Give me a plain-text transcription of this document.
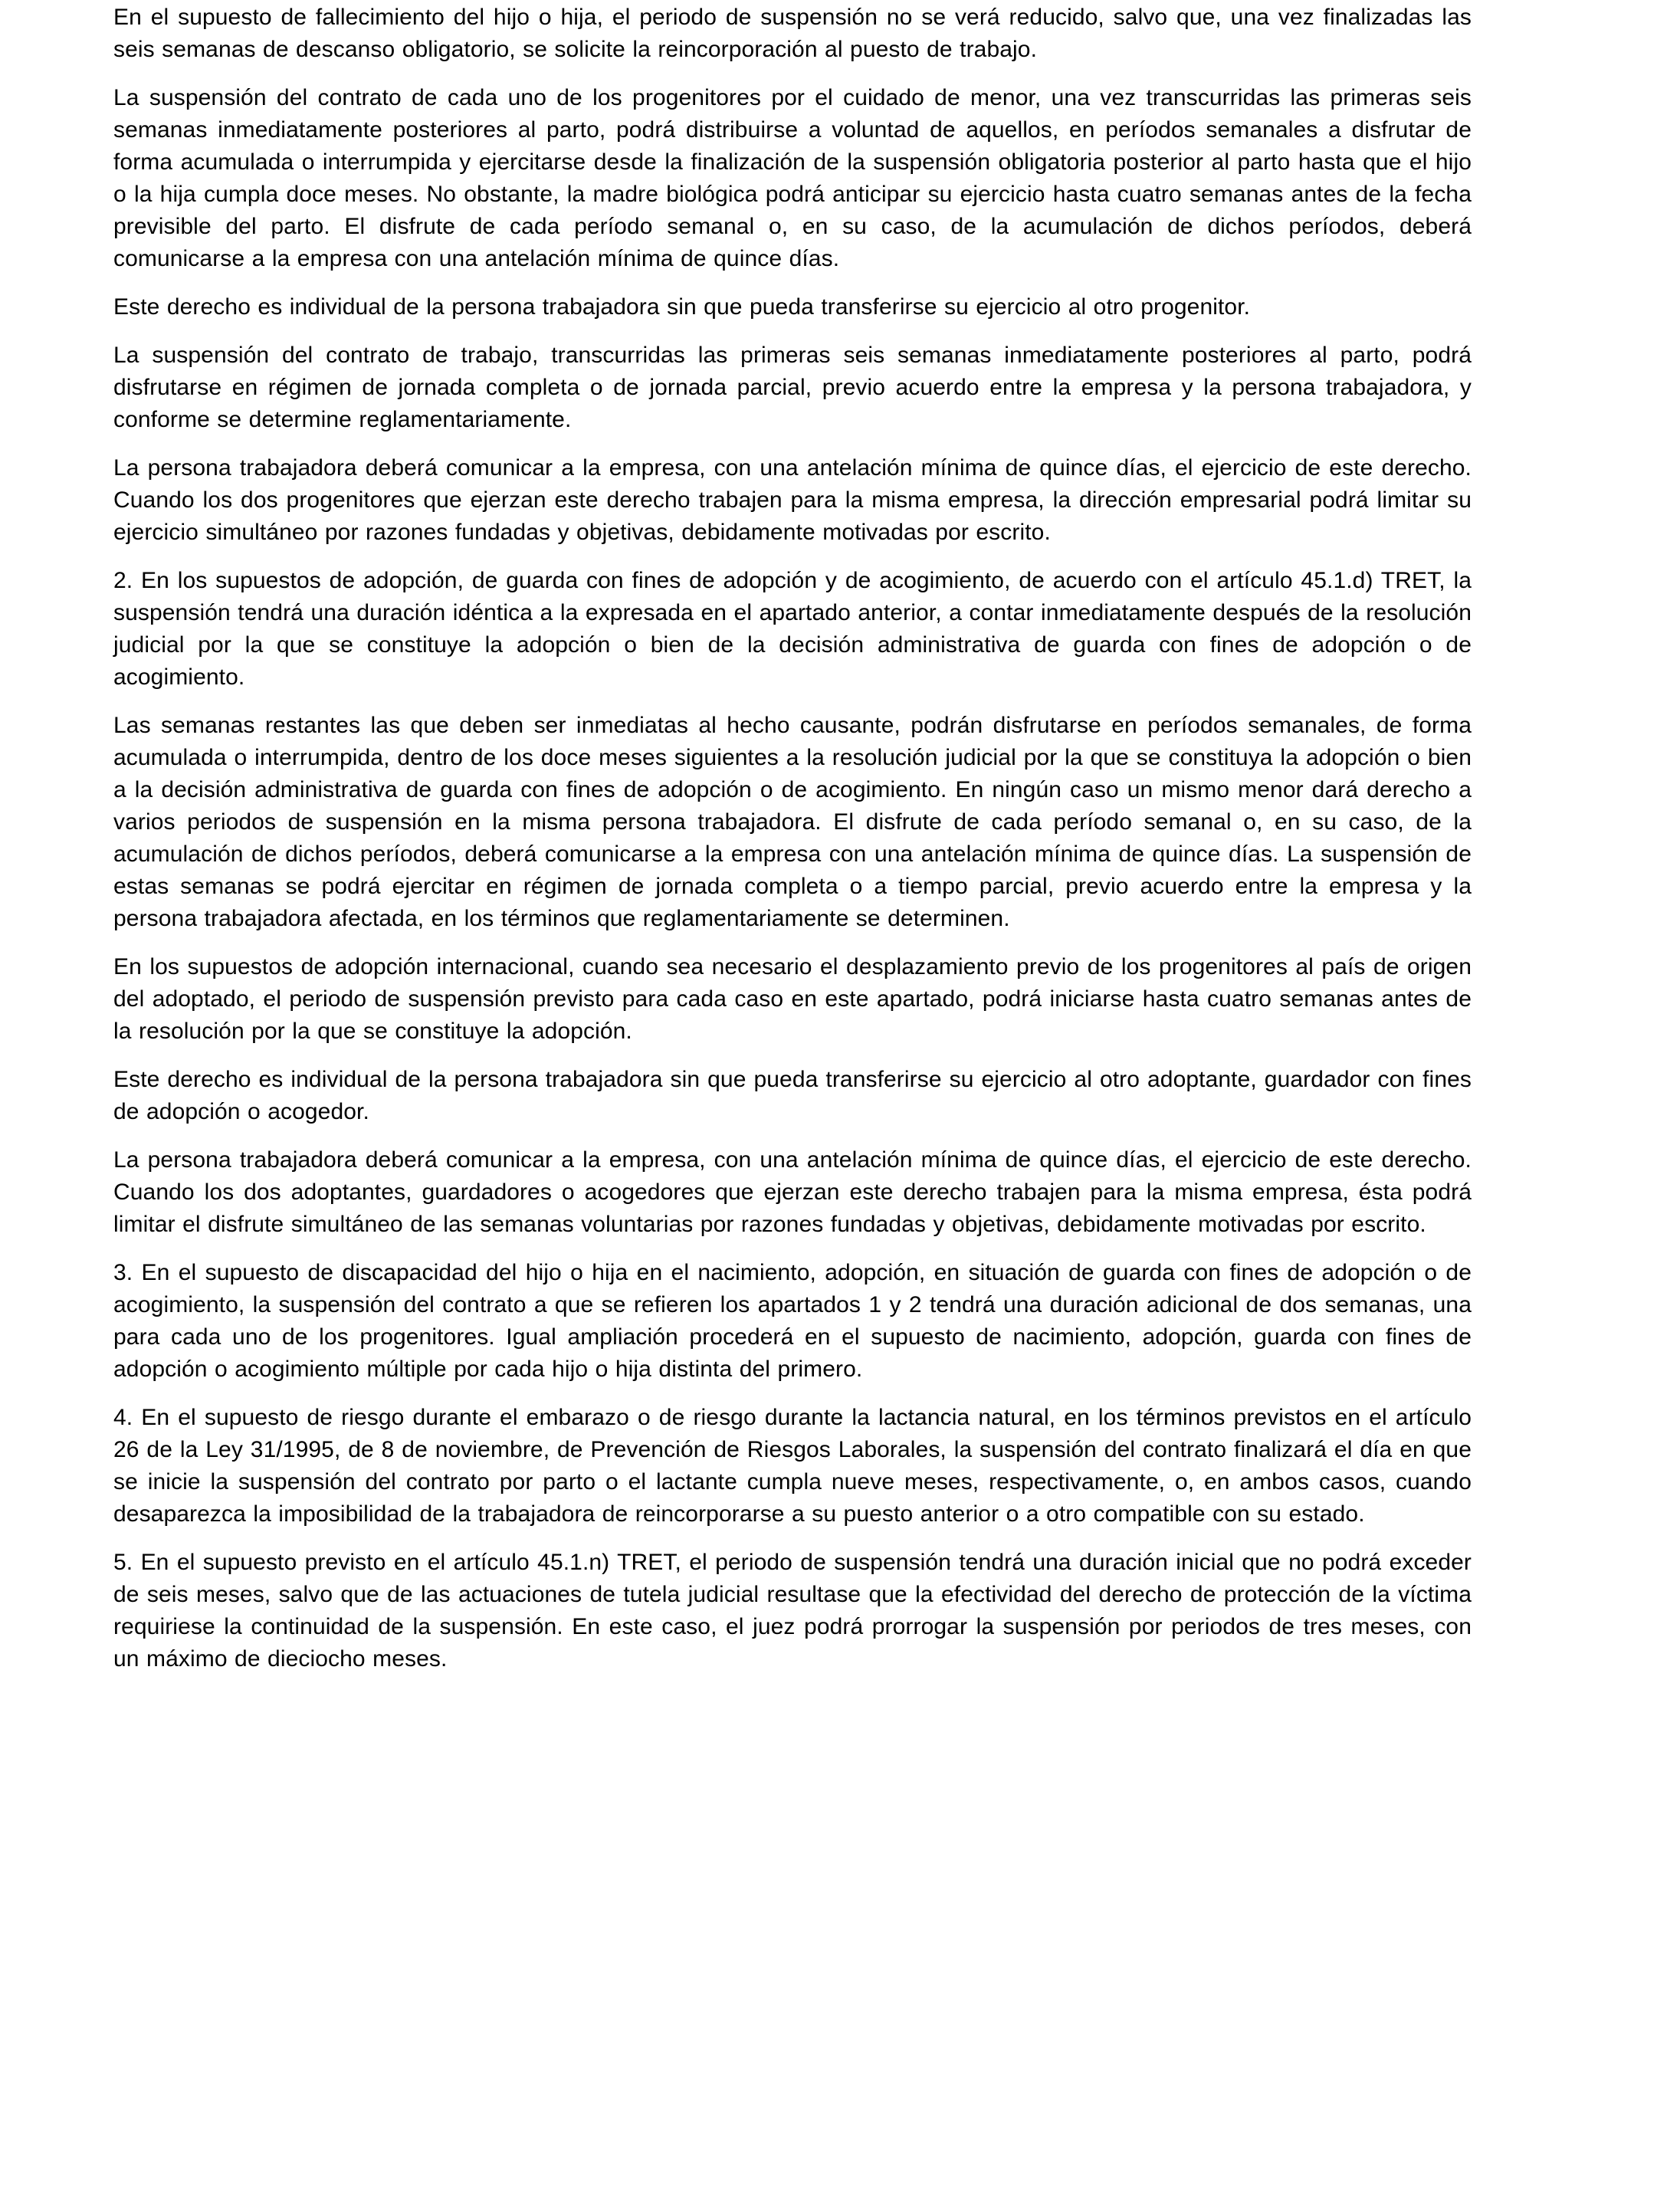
En el supuesto de fallecimiento del hijo o hija, el periodo de suspensión no se verá reducido, salvo que, una vez finalizadas las seis semanas de descanso obligatorio, se solicite la reincorporación al puesto de trabajo.

La suspensión del contrato de cada uno de los progenitores por el cuidado de menor, una vez transcurridas las primeras seis semanas inmediatamente posteriores al parto, podrá distribuirse a voluntad de aquellos, en períodos semanales a disfrutar de forma acumulada o interrumpida y ejercitarse desde la finalización de la suspensión obligatoria posterior al parto hasta que el hijo o la hija cumpla doce meses. No obstante, la madre biológica podrá anticipar su ejercicio hasta cuatro semanas antes de la fecha previsible del parto. El disfrute de cada período semanal o, en su caso, de la acumulación de dichos períodos, deberá comunicarse a la empresa con una antelación mínima de quince días.

Este derecho es individual de la persona trabajadora sin que pueda transferirse su ejercicio al otro progenitor.

La suspensión del contrato de trabajo, transcurridas las primeras seis semanas inmediatamente posteriores al parto, podrá disfrutarse en régimen de jornada completa o de jornada parcial, previo acuerdo entre la empresa y la persona trabajadora, y conforme se determine reglamentariamente.

La persona trabajadora deberá comunicar a la empresa, con una antelación mínima de quince días, el ejercicio de este derecho. Cuando los dos progenitores que ejerzan este derecho trabajen para la misma empresa, la dirección empresarial podrá limitar su ejercicio simultáneo por razones fundadas y objetivas, debidamente motivadas por escrito.

2. En los supuestos de adopción, de guarda con fines de adopción y de acogimiento, de acuerdo con el artículo 45.1.d) TRET, la suspensión tendrá una duración idéntica a la expresada en el apartado anterior, a contar inmediatamente después de la resolución judicial por la que se constituye la adopción o bien de la decisión administrativa de guarda con fines de adopción o de acogimiento.

Las semanas restantes las que deben ser inmediatas al hecho causante, podrán disfrutarse en períodos semanales, de forma acumulada o interrumpida, dentro de los doce meses siguientes a la resolución judicial por la que se constituya la adopción o bien a la decisión administrativa de guarda con fines de adopción o de acogimiento. En ningún caso un mismo menor dará derecho a varios periodos de suspensión en la misma persona trabajadora. El disfrute de cada período semanal o, en su caso, de la acumulación de dichos períodos, deberá comunicarse a la empresa con una antelación mínima de quince días. La suspensión de estas semanas se podrá ejercitar en régimen de jornada completa o a tiempo parcial, previo acuerdo entre la empresa y la persona trabajadora afectada, en los términos que reglamentariamente se determinen.

En los supuestos de adopción internacional, cuando sea necesario el desplazamiento previo de los progenitores al país de origen del adoptado, el periodo de suspensión previsto para cada caso en este apartado, podrá iniciarse hasta cuatro semanas antes de la resolución por la que se constituye la adopción.

Este derecho es individual de la persona trabajadora sin que pueda transferirse su ejercicio al otro adoptante, guardador con fines de adopción o acogedor.

La persona trabajadora deberá comunicar a la empresa, con una antelación mínima de quince días, el ejercicio de este derecho. Cuando los dos adoptantes, guardadores o acogedores que ejerzan este derecho trabajen para la misma empresa, ésta podrá limitar el disfrute simultáneo de las semanas voluntarias por razones fundadas y objetivas, debidamente motivadas por escrito.

3. En el supuesto de discapacidad del hijo o hija en el nacimiento, adopción, en situación de guarda con fines de adopción o de acogimiento, la suspensión del contrato a que se refieren los apartados 1 y 2 tendrá una duración adicional de dos semanas, una para cada uno de los progenitores. Igual ampliación procederá en el supuesto de nacimiento, adopción, guarda con fines de adopción o acogimiento múltiple por cada hijo o hija distinta del primero.

4. En el supuesto de riesgo durante el embarazo o de riesgo durante la lactancia natural, en los términos previstos en el artículo 26 de la Ley 31/1995, de 8 de noviembre, de Prevención de Riesgos Laborales, la suspensión del contrato finalizará el día en que se inicie la suspensión del contrato por parto o el lactante cumpla nueve meses, respectivamente, o, en ambos casos, cuando desaparezca la imposibilidad de la trabajadora de reincorporarse a su puesto anterior o a otro compatible con su estado.

5. En el supuesto previsto en el artículo 45.1.n) TRET, el periodo de suspensión tendrá una duración inicial que no podrá exceder de seis meses, salvo que de las actuaciones de tutela judicial resultase que la efectividad del derecho de protección de la víctima requiriese la continuidad de la suspensión. En este caso, el juez podrá prorrogar la suspensión por periodos de tres meses, con un máximo de dieciocho meses.
